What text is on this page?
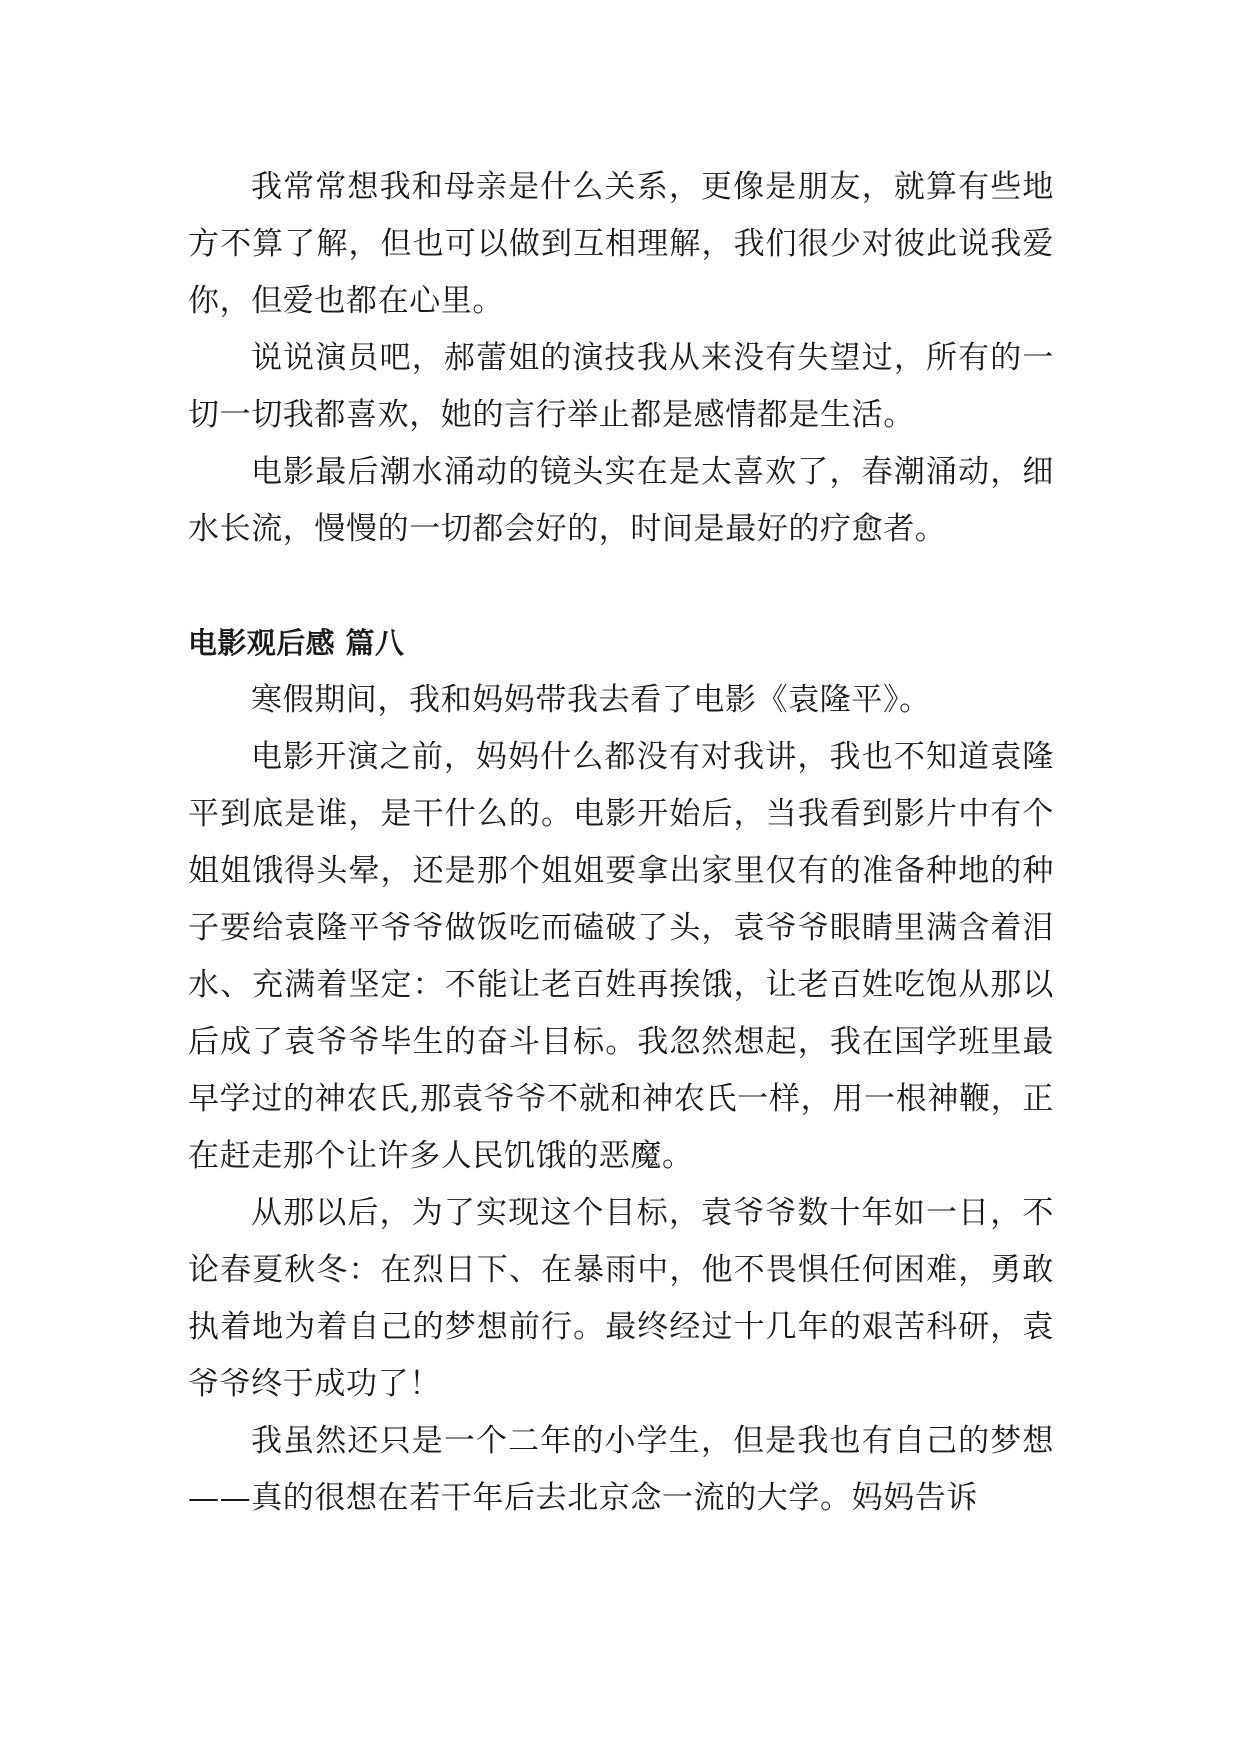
我常常想我和母亲是什么关系，更像是朋友，就算有些地方不算了解，但也可以做到互相理解，我们很少对彼此说我爱你，但爱也都在心里。

说说演员吧，郝蕾姐的演技我从来没有失望过，所有的一切一切我都喜欢，她的言行举止都是感情都是生活。

电影最后潮水涌动的镜头实在是太喜欢了，春潮涌动，细水长流，慢慢的一切都会好的，时间是最好的疗愈者。

电影观后感 篇八

寒假期间，我和妈妈带我去看了电影《袁隆平》。

电影开演之前，妈妈什么都没有对我讲，我也不知道袁隆平到底是谁，是干什么的。电影开始后，当我看到影片中有个姐姐饿得头晕，还是那个姐姐要拿出家里仅有的准备种地的种子要给袁隆平爷爷做饭吃而磕破了头，袁爷爷眼睛里满含着泪水、充满着坚定：不能让老百姓再挨饿，让老百姓吃饱从那以后成了袁爷爷毕生的奋斗目标。我忽然想起，我在国学班里最早学过的神农氏,那袁爷爷不就和神农氏一样，用一根神鞭，正在赶走那个让许多人民饥饿的恶魔。

从那以后，为了实现这个目标，袁爷爷数十年如一日，不论春夏秋冬：在烈日下、在暴雨中，他不畏惧任何困难，勇敢执着地为着自己的梦想前行。最终经过十几年的艰苦科研，袁爷爷终于成功了！

我虽然还只是一个二年的小学生，但是我也有自己的梦想——真的很想在若干年后去北京念一流的大学。妈妈告诉
